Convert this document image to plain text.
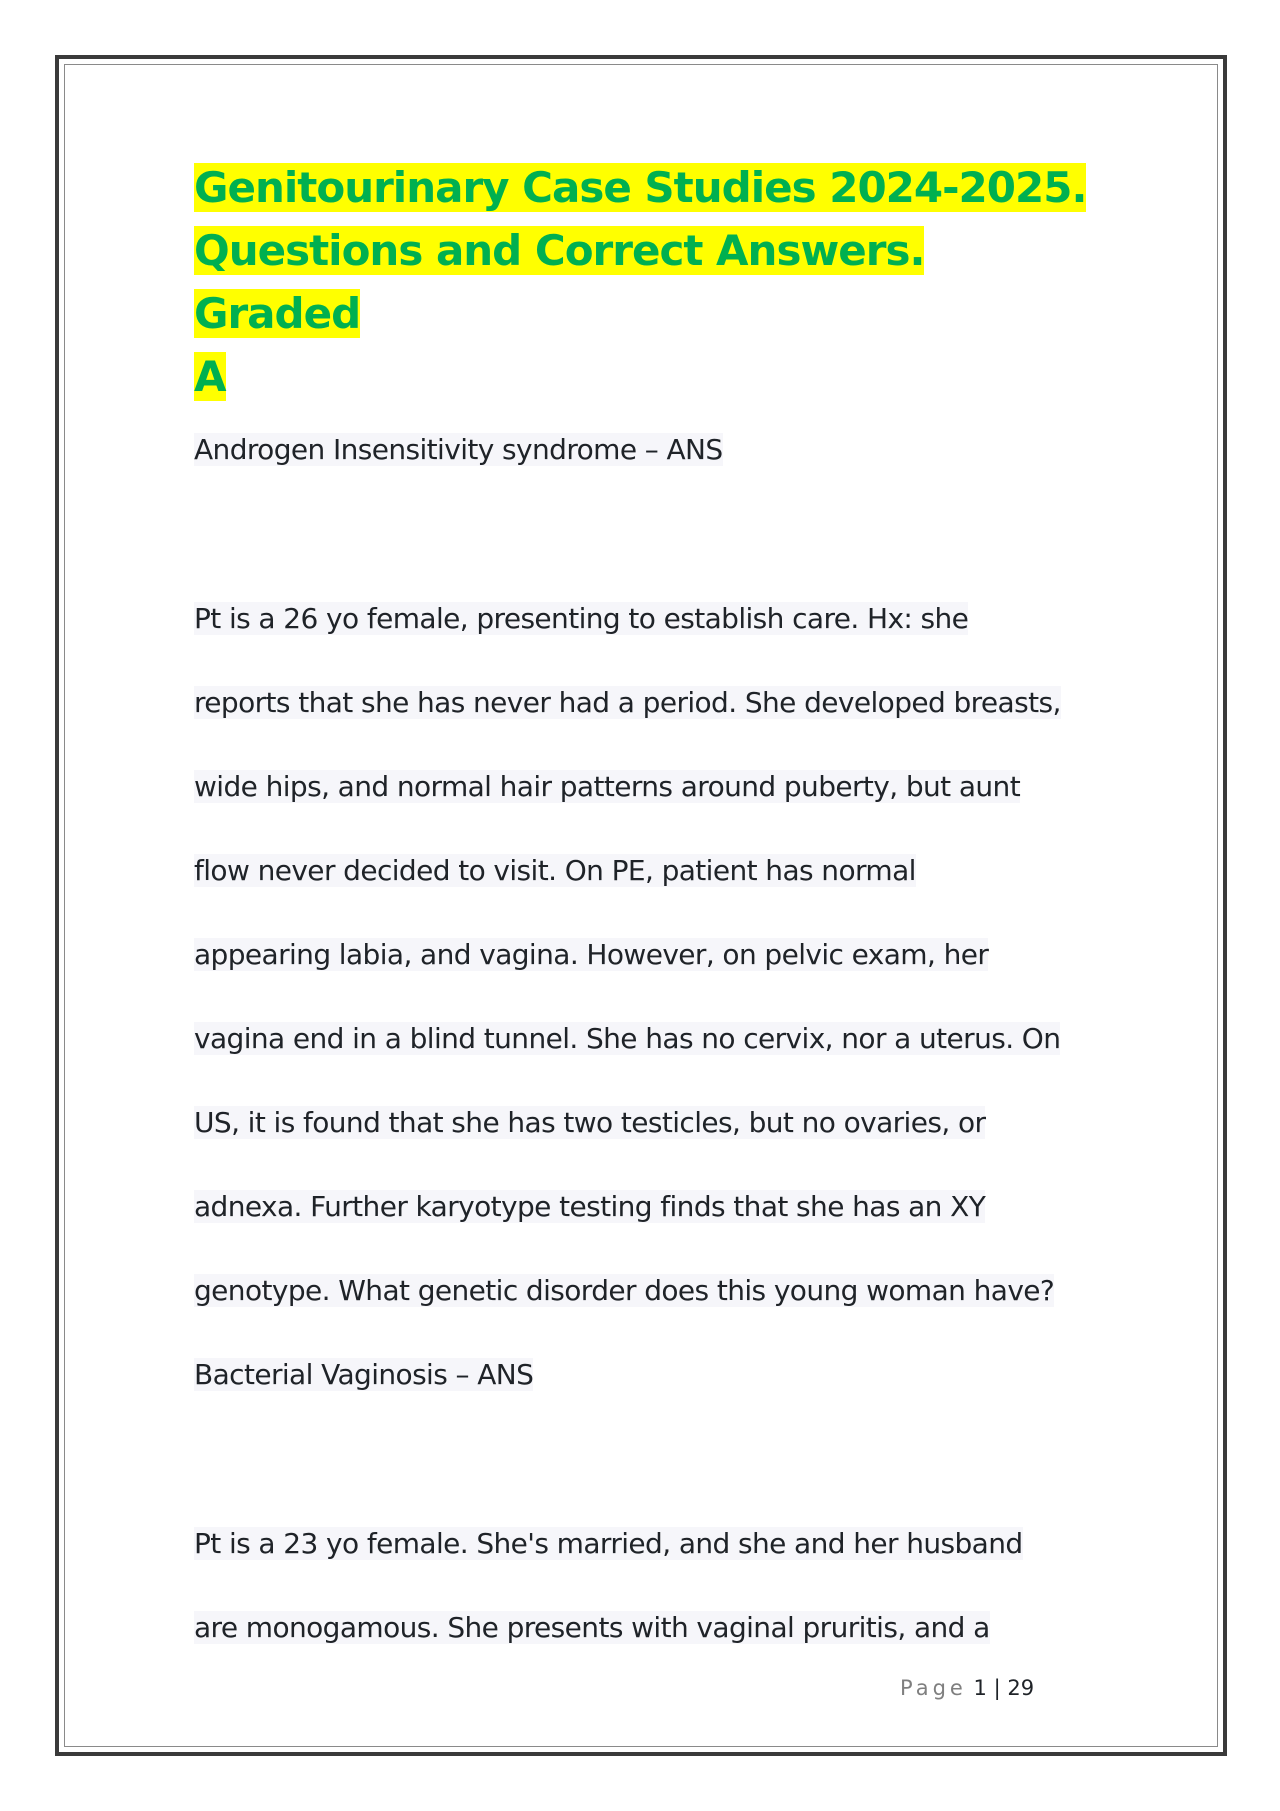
Genitourinary Case Studies 2024-2025.
Questions and Correct Answers. Graded
A
Androgen Insensitivity syndrome – ANS
Pt is a 26 yo female, presenting to establish care. Hx: she
reports that she has never had a period. She developed breasts,
wide hips, and normal hair patterns around puberty, but aunt
flow never decided to visit. On PE, patient has normal
appearing labia, and vagina. However, on pelvic exam, her
vagina end in a blind tunnel. She has no cervix, nor a uterus. On
US, it is found that she has two testicles, but no ovaries, or
adnexa. Further karyotype testing finds that she has an XY
genotype. What genetic disorder does this young woman have?
Bacterial Vaginosis – ANS
Pt is a 23 yo female. She's married, and she and her husband
are monogamous. She presents with vaginal pruritis, and a
Page 1 | 29
